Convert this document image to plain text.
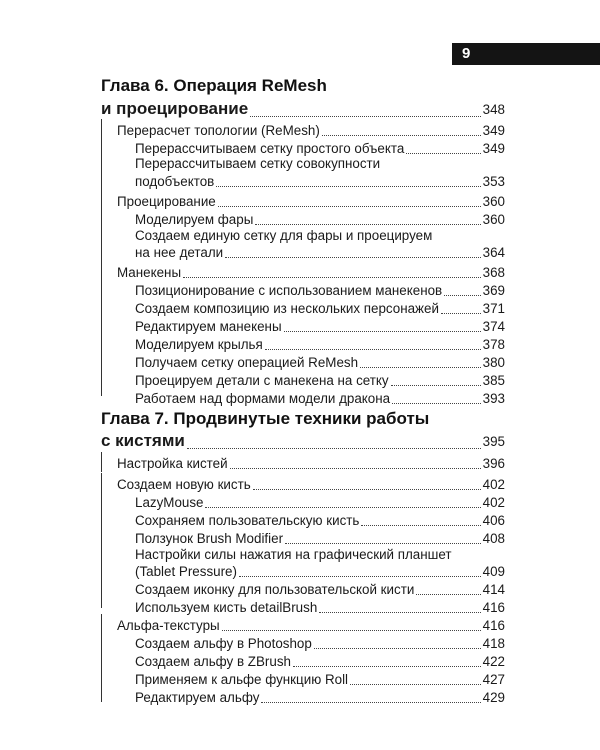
9
Глава 6. Операция ReMesh
и проецирование	348
Перерасчет топологии (ReMesh)	349
Перерассчитываем сетку простого объекта	349
Перерассчитываем сетку совокупности
подобъектов	353
Проецирование	360
Моделируем фары	360
Создаем единую сетку для фары и проецируем
на нее детали	364
Манекены	368
Позиционирование с использованием манекенов	369
Создаем композицию из нескольких персонажей	371
Редактируем манекены	374
Моделируем крылья	378
Получаем сетку операцией ReMesh	380
Проецируем детали с манекена на сетку	385
Работаем над формами модели дракона	393
Глава 7. Продвинутые техники работы
с кистями	395
Настройка кистей	396
Создаем новую кисть	402
LazyMouse	402
Сохраняем пользовательскую кисть	406
Ползунок Brush Modifier	408
Настройки силы нажатия на графический планшет
(Tablet Pressure)	409
Создаем иконку для пользовательской кисти	414
Используем кисть detailBrush	416
Альфа-текстуры	416
Создаем альфу в Photoshop	418
Создаем альфу в ZBrush	422
Применяем к альфе функцию Roll	427
Редактируем альфу	429
